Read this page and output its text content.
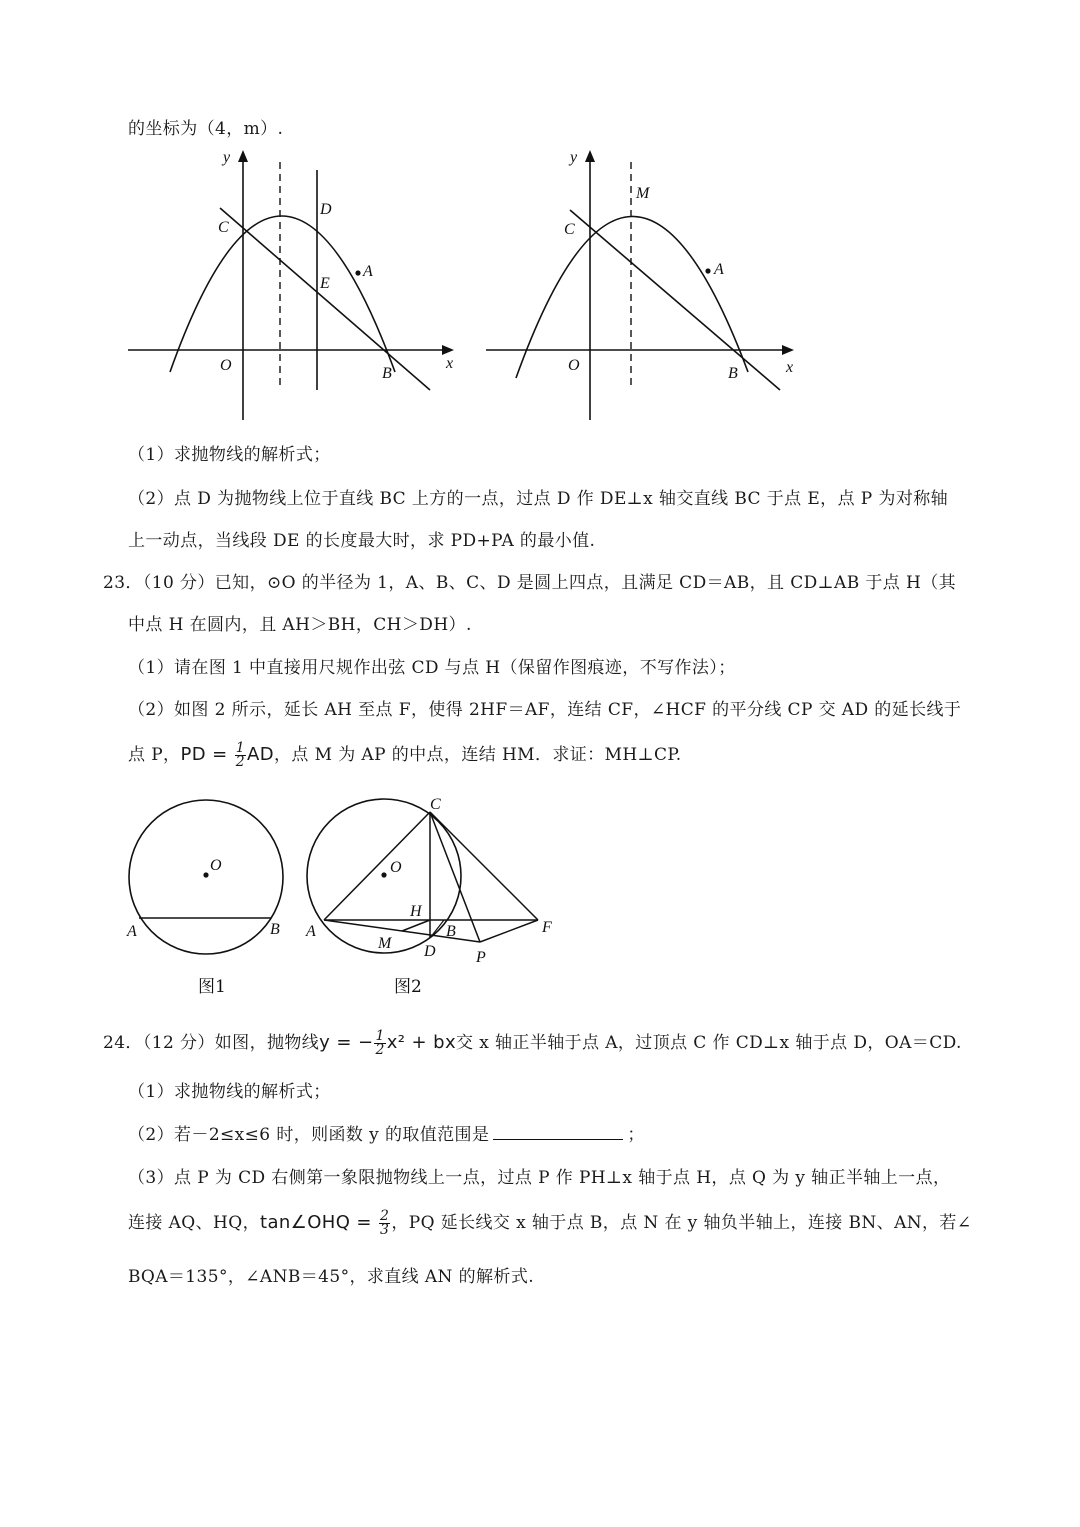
的坐标为（4，m）.
y
x
O
C
D
E
A
B
y
x
O
C
M
A
B
（1）求抛物线的解析式；
（2）点 D 为抛物线上位于直线 BC 上方的一点，过点 D 作 DE⊥x 轴交直线 BC 于点 E，点 P 为对称轴
上一动点，当线段 DE 的长度最大时，求 PD+PA 的最小值.
23．（10 分）已知，⊙O 的半径为 1，A、B、C、D 是圆上四点，且满足 CD＝AB，且 CD⊥AB 于点 H（其
中点 H 在圆内，且 AH＞BH，CH＞DH）.
（1）请在图 1 中直接用尺规作出弦 CD 与点 H（保留作图痕迹，不写作法）；
（2）如图 2 所示，延长 AH 至点 F，使得 2HF＝AF，连结 CF，∠HCF 的平分线 CP 交 AD 的延长线于
点 P，PD = $\frac{1}{2}$ AD，点 M 为 AP 的中点，连结 HM．求证：MH⊥CP.
O
A	B
图1
C
O
H
A
M D
B	F
P
图2
24．（12 分）如图，抛物线y = − $\frac{1}{2} x^2$ + bx交 x 轴正半轴于点 A，过顶点 C 作 CD⊥x 轴于点 D，OA＝CD.
（1）求抛物线的解析式；
（2）若－2≤x≤6 时，则函数 y 的取值范围是	；
（3）点 P 为 CD 右侧第一象限抛物线上一点，过点 P 作 PH⊥x 轴于点 H，点 Q 为 y 轴正半轴上一点，
连接 AQ、HQ，tan∠OHQ = $\frac{2}{3}$ ，PQ 延长线交 x 轴于点 B，点 N 在 y 轴负半轴上，连接 BN、AN，若∠
BQA＝135°，∠ANB＝45°，求直线 AN 的解析式.
